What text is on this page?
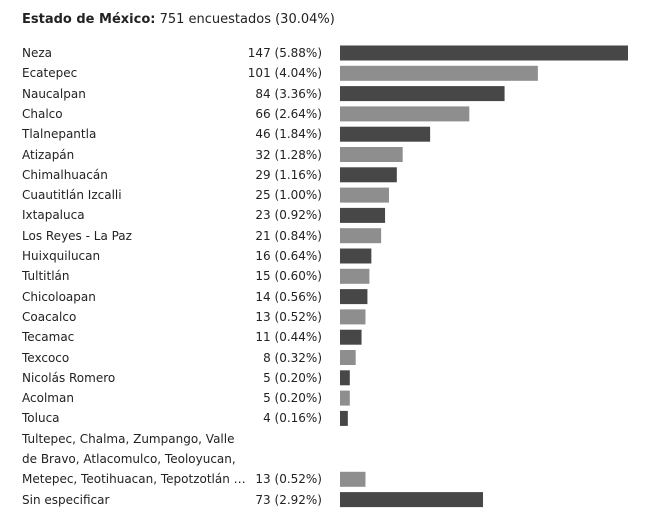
Estado de México: 751 encuestados (30.04%)
Neza
Ecatepec
Naucalpan
Chalco
Tlalnepantla
Atizapán
Chimalhuacán
Cuautitlán Izcalli
Ixtapaluca
Los Reyes - La Paz
Huixquilucan
Tultitlán
Chicoloapan
Coacalco
Tecamac
Texcoco
Nicolás Romero
Acolman
Toluca
Tultepec, Chalma, Zumpango, Valle
de Bravo, Atlacomulco, Teoloyucan,
Metepec, Teotihuacan, Tepotzotlán …
Sin especificar
147 (5.88%)
101 (4.04%)
84 (3.36%)
66 (2.64%)
46 (1.84%)
32 (1.28%)
29 (1.16%)
25 (1.00%)
23 (0.92%)
21 (0.84%)
16 (0.64%)
15 (0.60%)
14 (0.56%)
13 (0.52%)
11 (0.44%)
8 (0.32%)
5 (0.20%)
5 (0.20%)
4 (0.16%)
13 (0.52%)
73 (2.92%)
